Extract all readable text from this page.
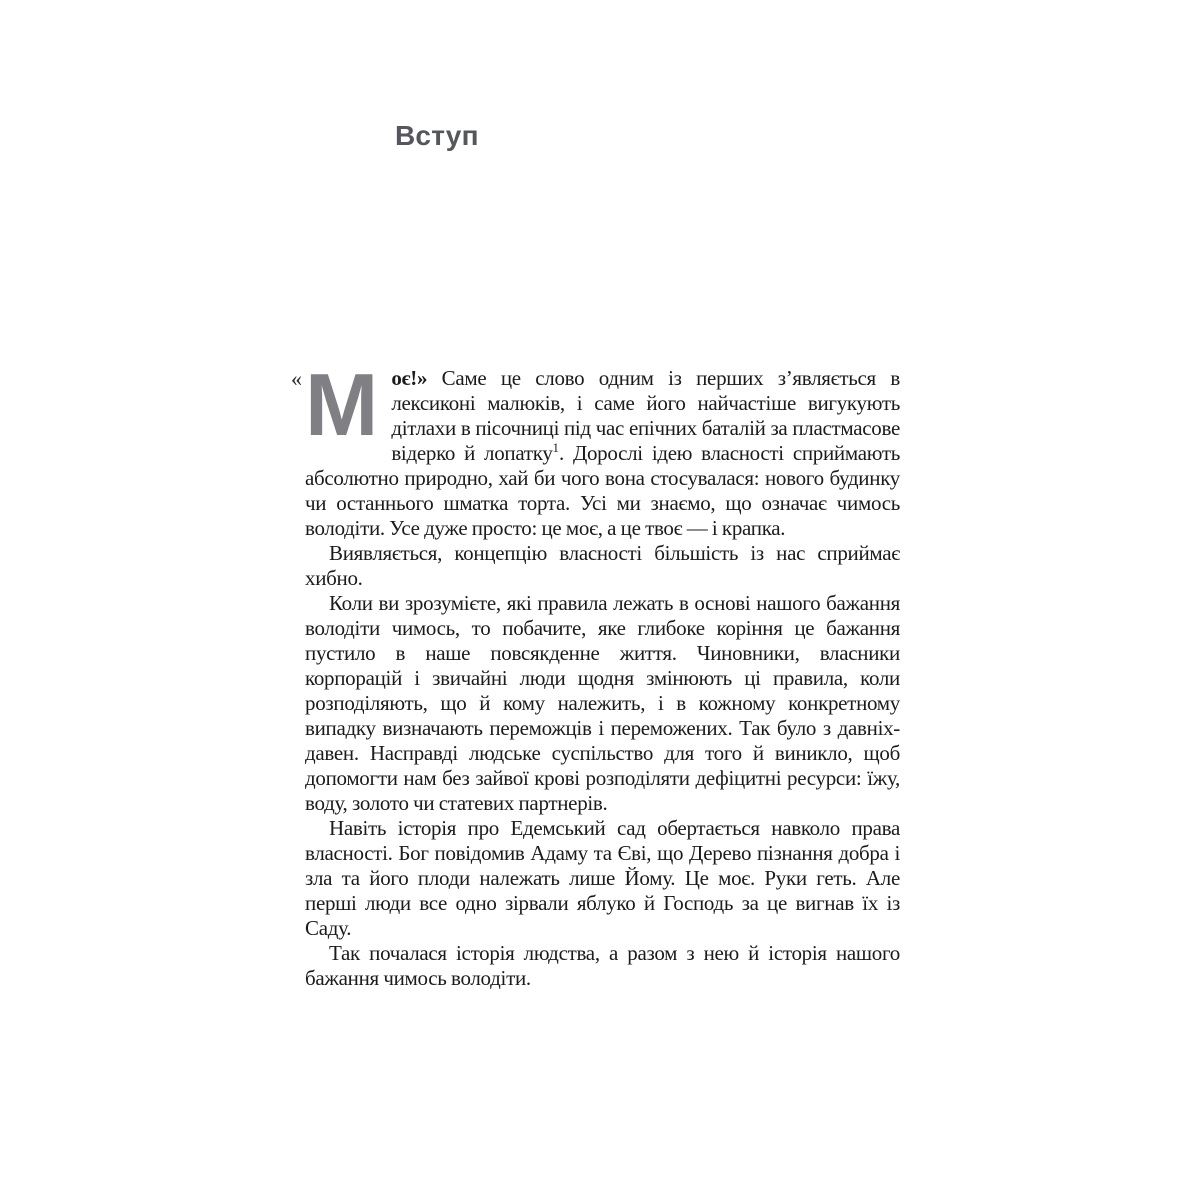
Вступ

« М оє!» Саме це слово одним із перших з’являється в лексиконі малюків, і саме його найчастіше вигукують дітлахи в пісочниці під час епічних баталій за пластмасове відерко й лопатку$^1$. Дорослі ідею власності сприймають абсолютно природно, хай би чого вона стосувалася: нового будинку чи останнього шматка торта. Усі ми знаємо, що означає чимось володіти. Усе дуже просто: це моє, а це твоє — і крапка.

Виявляється, концепцію власності більшість із нас сприймає хибно.

Коли ви зрозумієте, які правила лежать в основі нашого бажання володіти чимось, то побачите, яке глибоке коріння це бажання пустило в наше повсякденне життя. Чиновники, власники корпорацій і звичайні люди щодня змінюють ці правила, коли розподіляють, що й кому належить, і в кожному конкретному випадку визначають переможців і переможених. Так було з давніх-давен. Насправді людське суспільство для того й виникло, щоб допомогти нам без зайвої крові розподіляти дефіцитні ресурси: їжу, воду, золото чи статевих партнерів.

Навіть історія про Едемський сад обертається навколо права власності. Бог повідомив Адаму та Єві, що Дерево пізнання добра і зла та його плоди належать лише Йому. Це моє. Руки геть. Але перші люди все одно зірвали яблуко й Господь за це вигнав їх із Саду.

Так почалася історія людства, а разом з нею й історія нашого бажання чимось володіти.
